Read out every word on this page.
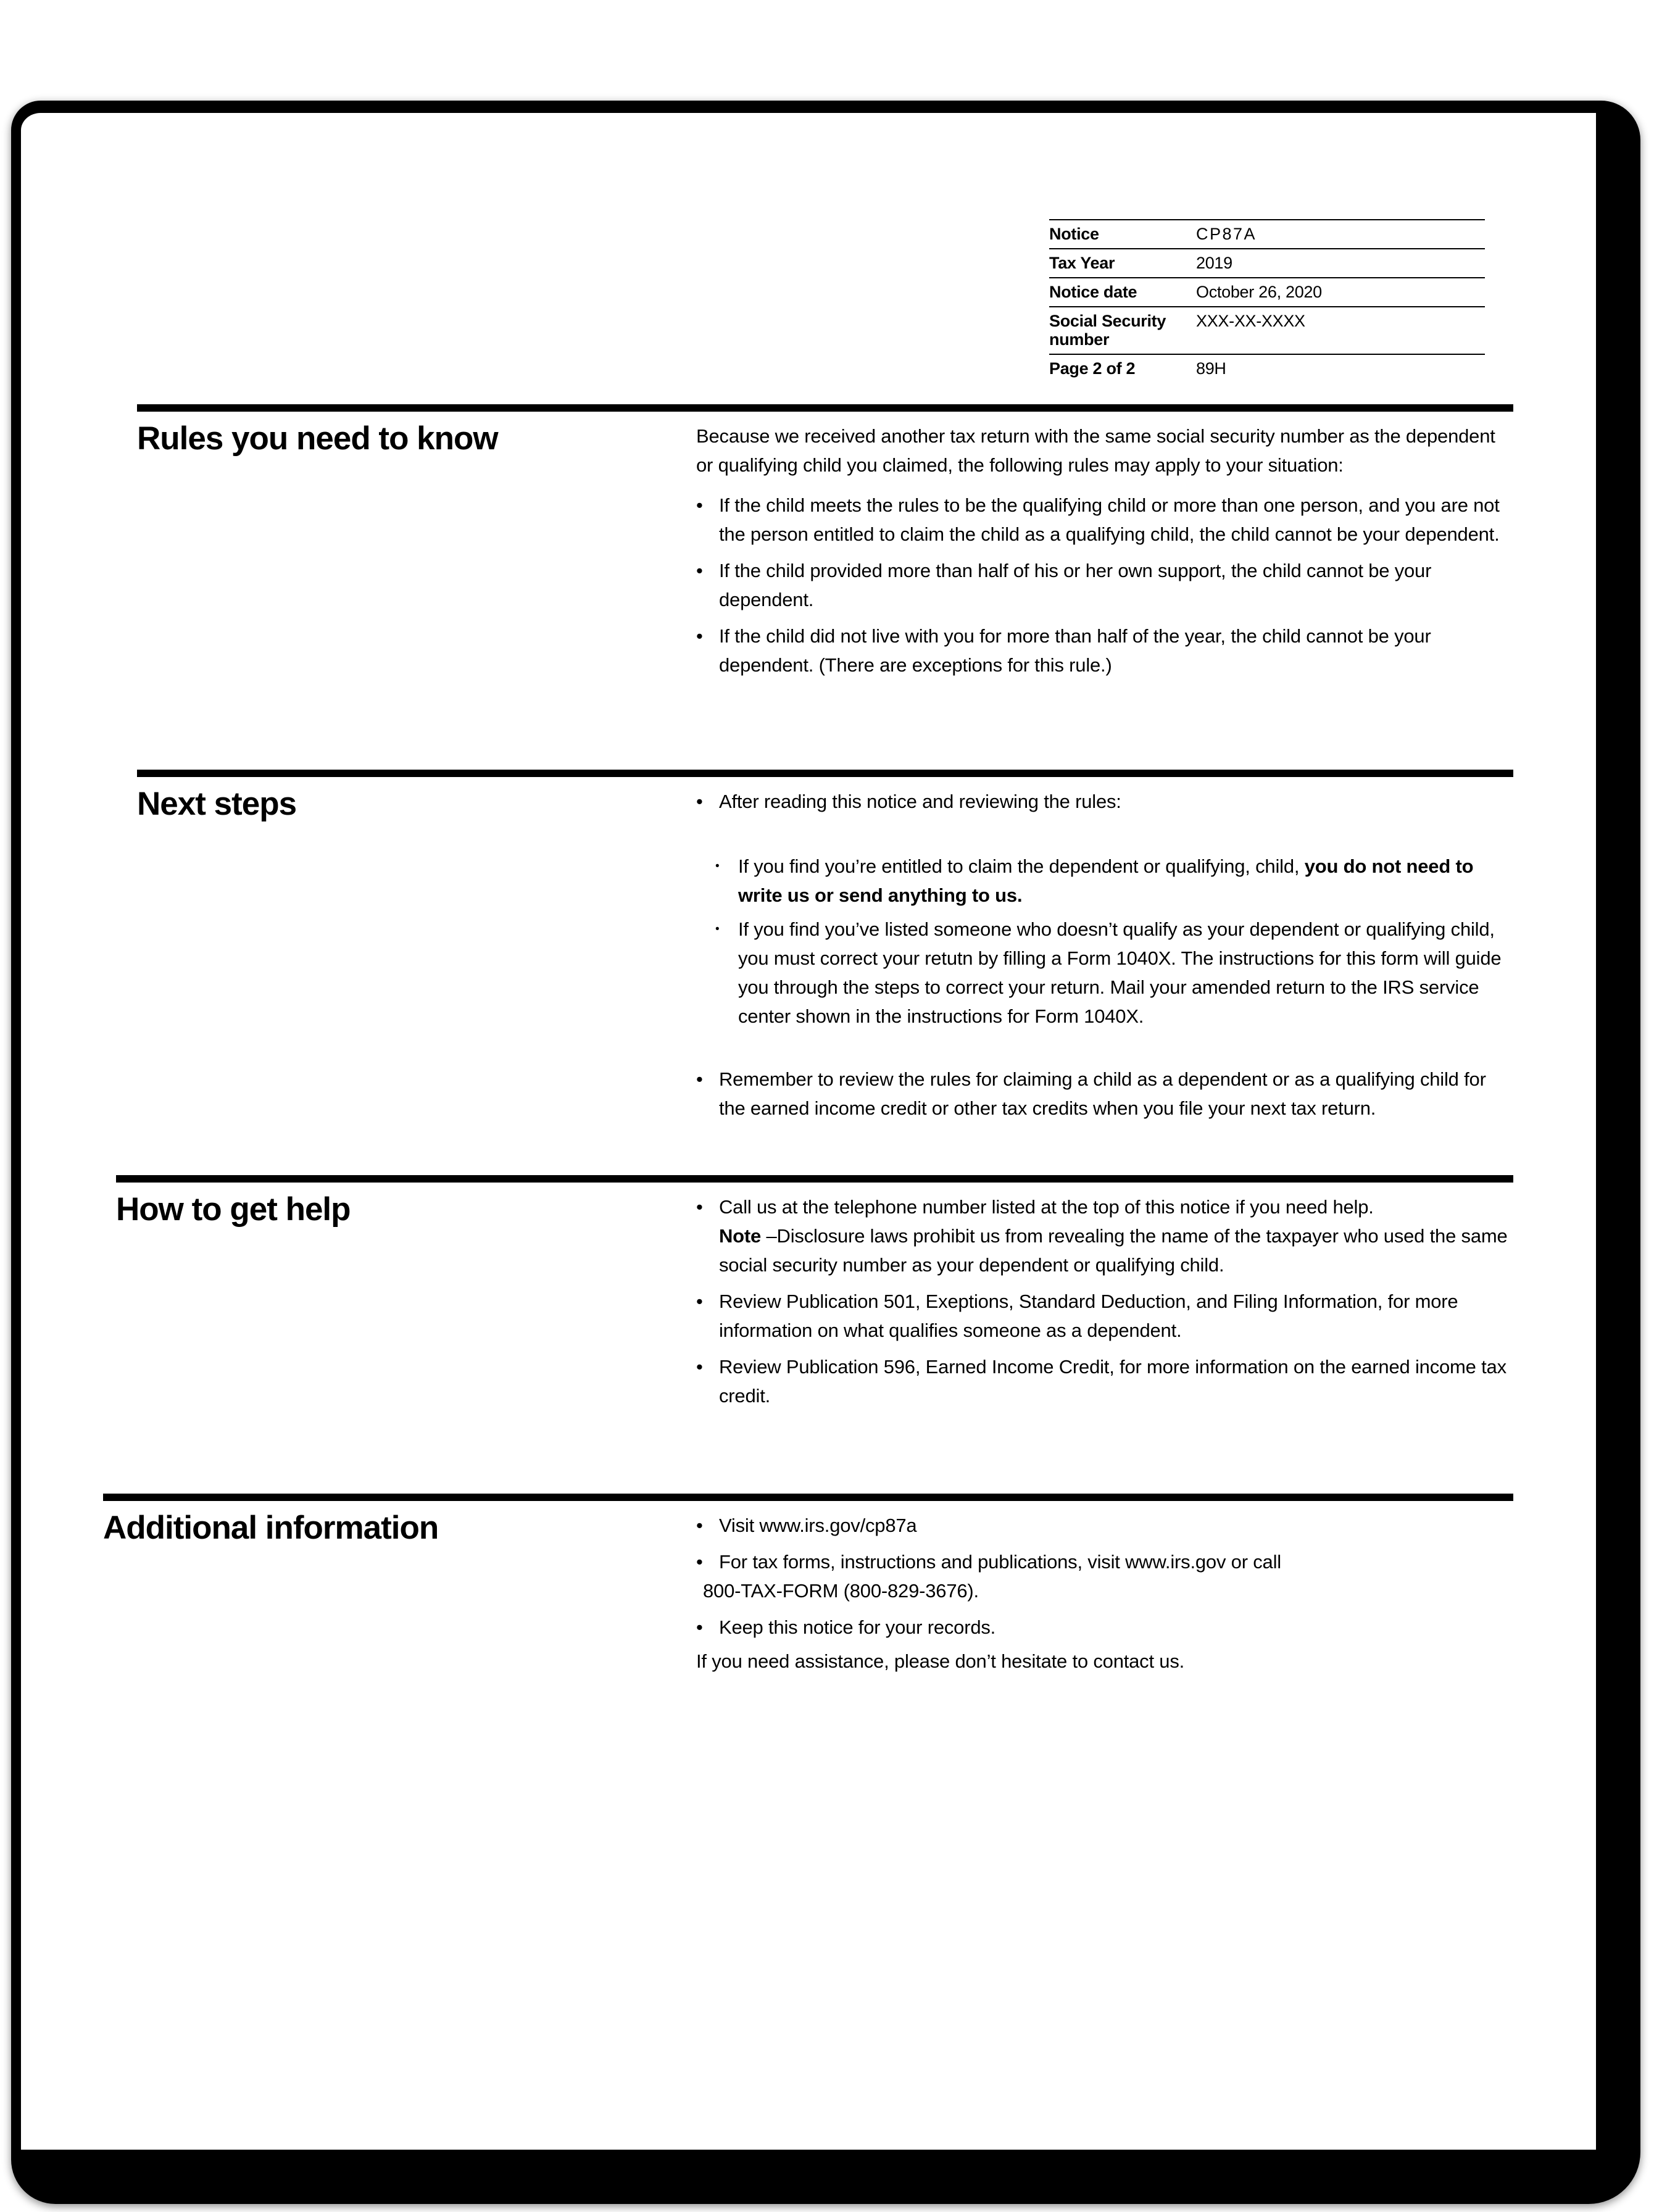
Notice	CP87A
Tax Year	2019
Notice date	October 26, 2020
Social Security number	XXX-XX-XXXX
Page 2 of 2	89H
Rules you need to know	Because we received another tax return with the same social security number as the dependent or qualifying child you claimed, the following rules may apply to your situation:
• If the child meets the rules to be the qualifying child or more than one person, and you are not the person entitled to claim the child as a qualifying child, the child cannot be your dependent.
• If the child provided more than half of his or her own support, the child cannot be your dependent.
• If the child did not live with you for more than half of the year, the child cannot be your dependent. (There are exceptions for this rule.)
Next steps	• After reading this notice and reviewing the rules:
• If you find you’re entitled to claim the dependent or qualifying, child, you do not need to write us or send anything to us.
• If you find you’ve listed someone who doesn’t qualify as your dependent or qualifying child, you must correct your retutn by filling a Form 1040X. The instructions for this form will guide you through the steps to correct your return. Mail your amended return to the IRS service center shown in the instructions for Form 1040X.
• Remember to review the rules for claiming a child as a dependent or as a qualifying child for the earned income credit or other tax credits when you file your next tax return.
How to get help	• Call us at the telephone number listed at the top of this notice if you need help.
Note –Disclosure laws prohibit us from revealing the name of the taxpayer who used the same social security number as your dependent or qualifying child.
• Review Publication 501, Exeptions, Standard Deduction, and Filing Information, for more information on what qualifies someone as a dependent.
• Review Publication 596, Earned Income Credit, for more information on the earned income tax credit.
Additional information	• Visit www.irs.gov/cp87a
• For tax forms, instructions and publications, visit www.irs.gov or call
800-TAX-FORM (800-829-3676).
• Keep this notice for your records.
If you need assistance, please don’t hesitate to contact us.
